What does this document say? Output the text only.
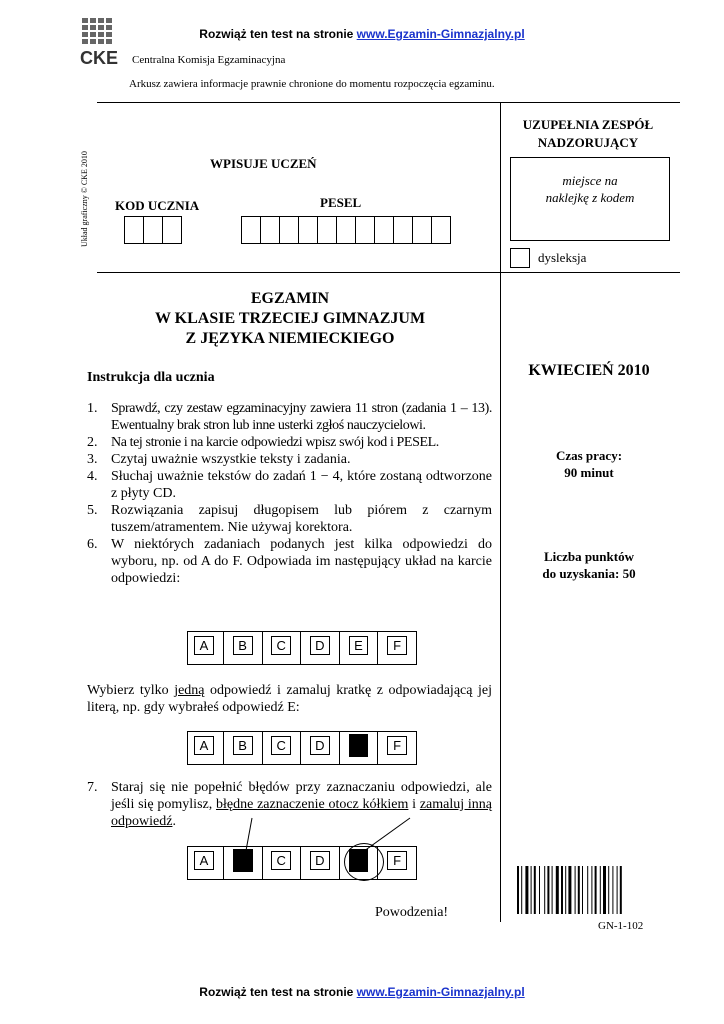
Rozwiąż ten test na stronie www.Egzamin-Gimnazjalny.pl
CKE Centralna Komisja Egzaminacyjna
Arkusz zawiera informacje prawnie chronione do momentu rozpoczęcia egzaminu.
Układ graficzny © CKE 2010	WPISUJE UCZEŃ
KOD UCZNIA	PESEL
UZUPEŁNIA ZESPÓŁ NADZORUJĄCY
miejsce na naklejkę z kodem
dysleksja
EGZAMIN
W KLASIE TRZECIEJ GIMNAZJUM
Z JĘZYKA NIEMIECKIEGO
KWIECIEŃ 2010
Czas pracy:
90 minut
Liczba punktów
do uzyskania: 50
Instrukcja dla ucznia
1. Sprawdź, czy zestaw egzaminacyjny zawiera 11 stron (zadania 1 – 13). Ewentualny brak stron lub inne usterki zgłoś nauczycielowi.
2. Na tej stronie i na karcie odpowiedzi wpisz swój kod i PESEL.
3. Czytaj uważnie wszystkie teksty i zadania.
4. Słuchaj uważnie tekstów do zadań 1 − 4, które zostaną odtworzone z płyty CD.
5. Rozwiązania zapisuj długopisem lub piórem z czarnym tuszem/atramentem. Nie używaj korektora.
6. W niektórych zadaniach podanych jest kilka odpowiedzi do wyboru, np. od A do F. Odpowiada im następujący układ na karcie odpowiedzi:
A	B	C	D	E	F
Wybierz tylko jedną odpowiedź i zamaluj kratkę z odpowiadającą jej literą, np. gdy wybrałeś odpowiedź E:
A	B	C	D	F
7. Staraj się nie popełnić błędów przy zaznaczaniu odpowiedzi, ale jeśli się pomylisz, błędne zaznaczenie otocz kółkiem i zamaluj inną odpowiedź.
A	C	D	F
Powodzenia!
GN-1-102
Rozwiąż ten test na stronie www.Egzamin-Gimnazjalny.pl
